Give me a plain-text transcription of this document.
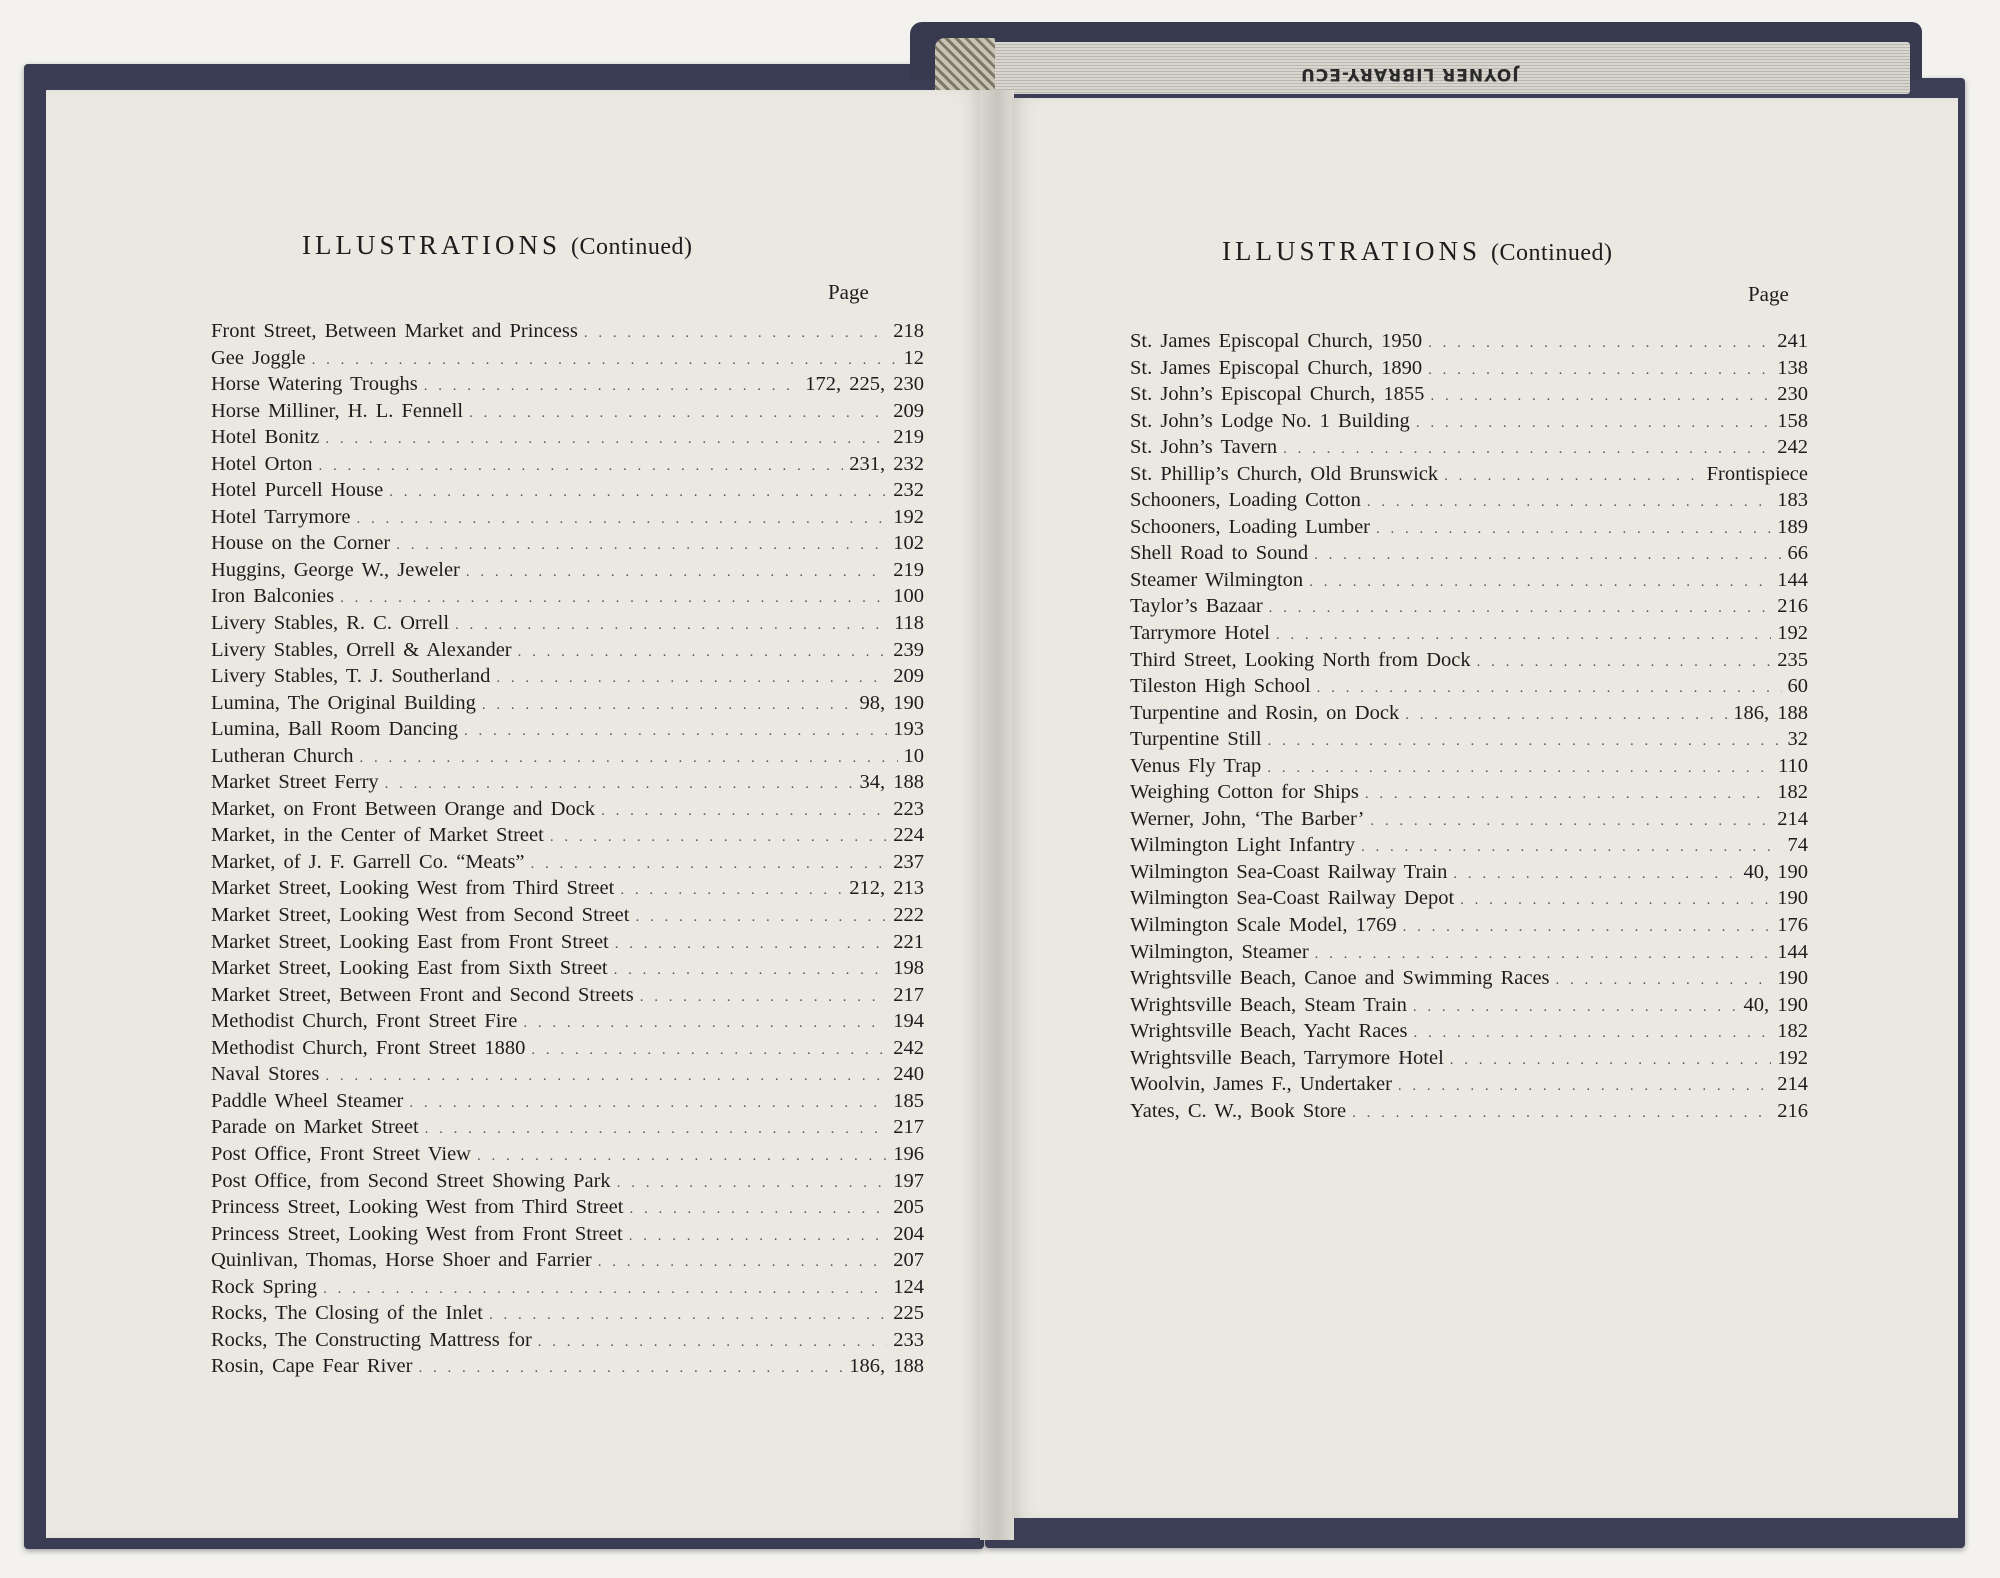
JOYNER LIBRARY-ECU
ILLUSTRATIONS (Continued)
Page
Front Street, Between Market and Princess . . .	218
Gee Joggle . . .	12
Horse Watering Troughs . . .	172, 225, 230
Horse Milliner, H. L. Fennell . . .	209
Hotel Bonitz . . .	219
Hotel Orton . . .	231, 232
Hotel Purcell House . . .	232
Hotel Tarrymore . . .	192
House on the Corner . . .	102
Huggins, George W., Jeweler . . .	219
Iron Balconies . . .	100
Livery Stables, R. C. Orrell . . .	118
Livery Stables, Orrell & Alexander . . .	239
Livery Stables, T. J. Southerland . . .	209
Lumina, The Original Building . . .	98, 190
Lumina, Ball Room Dancing . . .	193
Lutheran Church . . .	10
Market Street Ferry . . .	34, 188
Market, on Front Between Orange and Dock . . .	223
Market, in the Center of Market Street . . .	224
Market, of J. F. Garrell Co. “Meats” . . .	237
Market Street, Looking West from Third Street . . .	212, 213
Market Street, Looking West from Second Street . . .	222
Market Street, Looking East from Front Street . . .	221
Market Street, Looking East from Sixth Street . . .	198
Market Street, Between Front and Second Streets . . .	217
Methodist Church, Front Street Fire . . .	194
Methodist Church, Front Street 1880 . . .	242
Naval Stores . . .	240
Paddle Wheel Steamer . . .	185
Parade on Market Street . . .	217
Post Office, Front Street View . . .	196
Post Office, from Second Street Showing Park . . .	197
Princess Street, Looking West from Third Street . . .	205
Princess Street, Looking West from Front Street . . .	204
Quinlivan, Thomas, Horse Shoer and Farrier . . .	207
Rock Spring . . .	124
Rocks, The Closing of the Inlet . . .	225
Rocks, The Constructing Mattress for . . .	233
Rosin, Cape Fear River . . .	186, 188
ILLUSTRATIONS (Continued)
Page
St. James Episcopal Church, 1950 . . .	241
St. James Episcopal Church, 1890 . . .	138
St. John’s Episcopal Church, 1855 . . .	230
St. John’s Lodge No. 1 Building . . .	158
St. John’s Tavern . . .	242
St. Phillip’s Church, Old Brunswick . . .	Frontispiece
Schooners, Loading Cotton . . .	183
Schooners, Loading Lumber . . .	189
Shell Road to Sound . . .	66
Steamer Wilmington . . .	144
Taylor’s Bazaar . . .	216
Tarrymore Hotel . . .	192
Third Street, Looking North from Dock . . .	235
Tileston High School . . .	60
Turpentine and Rosin, on Dock . . .	186, 188
Turpentine Still . . .	32
Venus Fly Trap . . .	110
Weighing Cotton for Ships . . .	182
Werner, John, ‘The Barber’ . . .	214
Wilmington Light Infantry . . .	74
Wilmington Sea-Coast Railway Train . . .	40, 190
Wilmington Sea-Coast Railway Depot . . .	190
Wilmington Scale Model, 1769 . . .	176
Wilmington, Steamer . . .	144
Wrightsville Beach, Canoe and Swimming Races . . .	190
Wrightsville Beach, Steam Train . . .	40, 190
Wrightsville Beach, Yacht Races . . .	182
Wrightsville Beach, Tarrymore Hotel . . .	192
Woolvin, James F., Undertaker . . .	214
Yates, C. W., Book Store . . .	216
